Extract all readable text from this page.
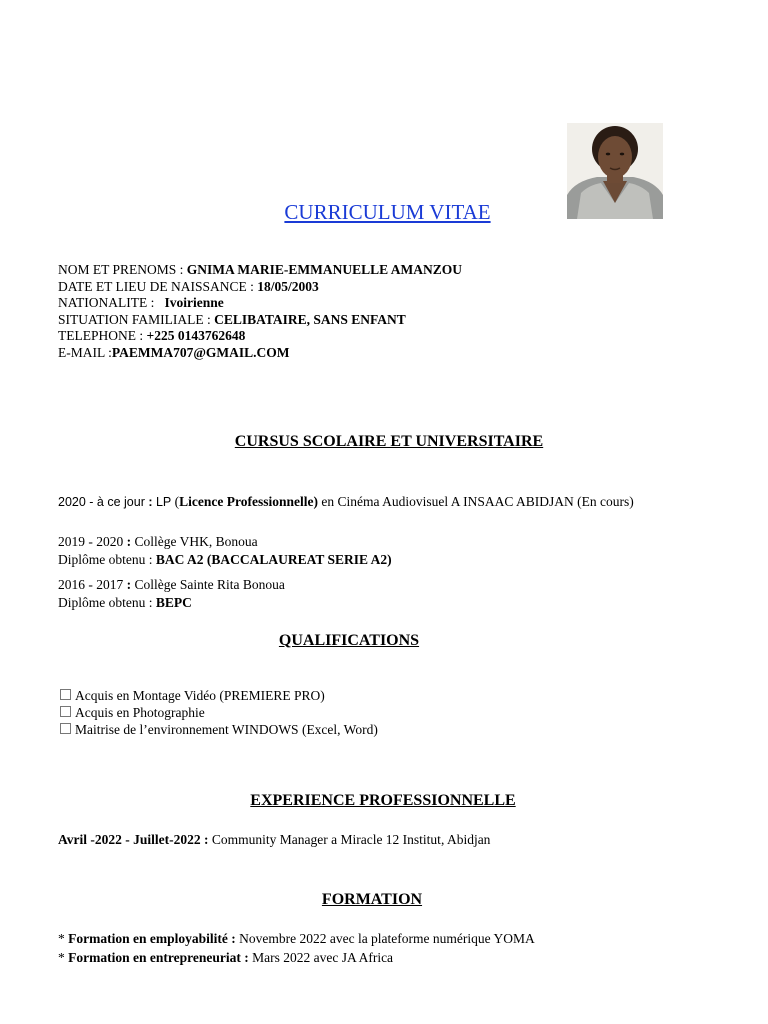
CURRICULUM VITAE
NOM ET PRENOMS : GNIMA MARIE-EMMANUELLE AMANZOU
DATE ET LIEU DE NAISSANCE : 18/05/2003
NATIONALITE :   Ivoirienne
SITUATION FAMILIALE : CELIBATAIRE, SANS ENFANT
TELEPHONE : +225 0143762648
E-MAIL :PAEMMA707@GMAIL.COM
CURSUS SCOLAIRE ET UNIVERSITAIRE
2020 - à ce jour : LP (Licence Professionnelle) en Cinéma Audiovisuel A INSAAC ABIDJAN (En cours)
2019 - 2020 : Collège VHK, Bonoua
Diplôme obtenu : BAC A2 (BACCALAUREAT SERIE A2)
2016 - 2017 : Collège Sainte Rita Bonoua
Diplôme obtenu : BEPC
QUALIFICATIONS
Acquis en Montage Vidéo (PREMIERE PRO)
Acquis en Photographie
Maitrise de l’environnement WINDOWS (Excel, Word)
EXPERIENCE PROFESSIONNELLE
Avril -2022 - Juillet-2022 : Community Manager a Miracle 12 Institut, Abidjan
FORMATION
* Formation en employabilité : Novembre 2022 avec la plateforme numérique YOMA
* Formation en entrepreneuriat : Mars 2022 avec JA Africa
